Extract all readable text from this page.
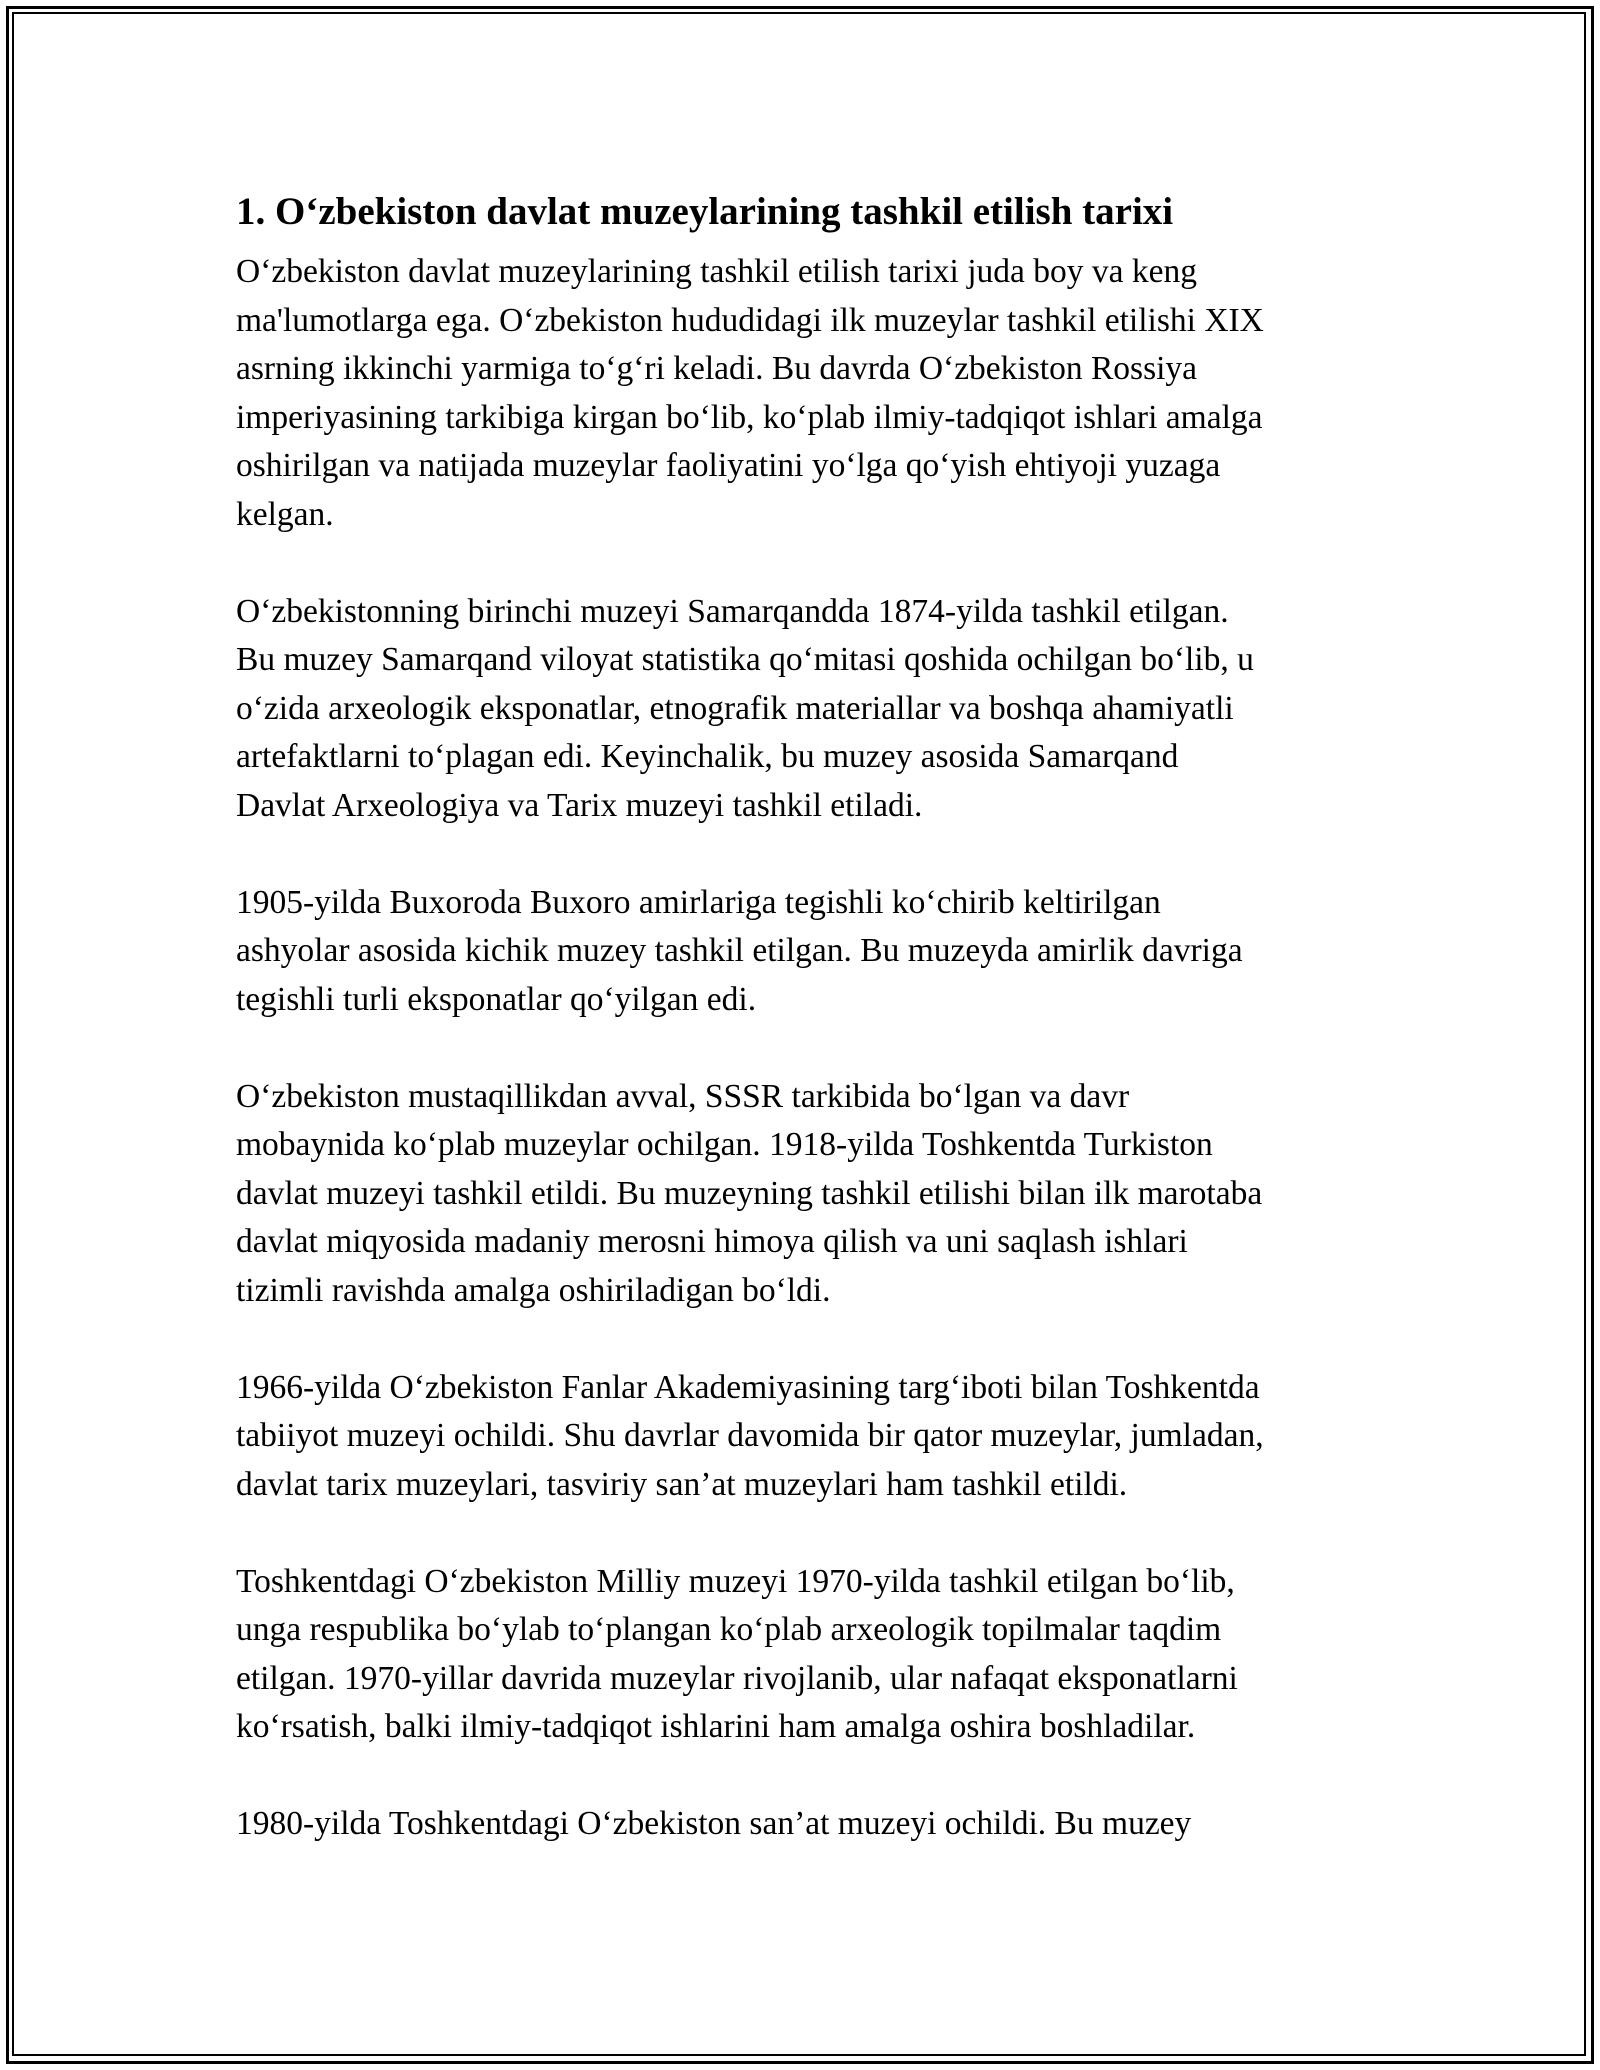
1. O‘zbekiston davlat muzeylarining tashkil etilish tarixi

O‘zbekiston davlat muzeylarining tashkil etilish tarixi juda boy va keng
ma'lumotlarga ega. O‘zbekiston hududidagi ilk muzeylar tashkil etilishi XIX
asrning ikkinchi yarmiga to‘g‘ri keladi. Bu davrda O‘zbekiston Rossiya
imperiyasining tarkibiga kirgan bo‘lib, ko‘plab ilmiy-tadqiqot ishlari amalga
oshirilgan va natijada muzeylar faoliyatini yo‘lga qo‘yish ehtiyoji yuzaga
kelgan.

O‘zbekistonning birinchi muzeyi Samarqandda 1874-yilda tashkil etilgan.
Bu muzey Samarqand viloyat statistika qo‘mitasi qoshida ochilgan bo‘lib, u
o‘zida arxeologik eksponatlar, etnografik materiallar va boshqa ahamiyatli
artefaktlarni to‘plagan edi. Keyinchalik, bu muzey asosida Samarqand
Davlat Arxeologiya va Tarix muzeyi tashkil etiladi.

1905-yilda Buxoroda Buxoro amirlariga tegishli ko‘chirib keltirilgan
ashyolar asosida kichik muzey tashkil etilgan. Bu muzeyda amirlik davriga
tegishli turli eksponatlar qo‘yilgan edi.

O‘zbekiston mustaqillikdan avval, SSSR tarkibida bo‘lgan va davr
mobaynida ko‘plab muzeylar ochilgan. 1918-yilda Toshkentda Turkiston
davlat muzeyi tashkil etildi. Bu muzeyning tashkil etilishi bilan ilk marotaba
davlat miqyosida madaniy merosni himoya qilish va uni saqlash ishlari
tizimli ravishda amalga oshiriladigan bo‘ldi.

1966-yilda O‘zbekiston Fanlar Akademiyasining targ‘iboti bilan Toshkentda
tabiiyot muzeyi ochildi. Shu davrlar davomida bir qator muzeylar, jumladan,
davlat tarix muzeylari, tasviriy san’at muzeylari ham tashkil etildi.

Toshkentdagi O‘zbekiston Milliy muzeyi 1970-yilda tashkil etilgan bo‘lib,
unga respublika bo‘ylab to‘plangan ko‘plab arxeologik topilmalar taqdim
etilgan. 1970-yillar davrida muzeylar rivojlanib, ular nafaqat eksponatlarni
ko‘rsatish, balki ilmiy-tadqiqot ishlarini ham amalga oshira boshladilar.

1980-yilda Toshkentdagi O‘zbekiston san’at muzeyi ochildi. Bu muzey
